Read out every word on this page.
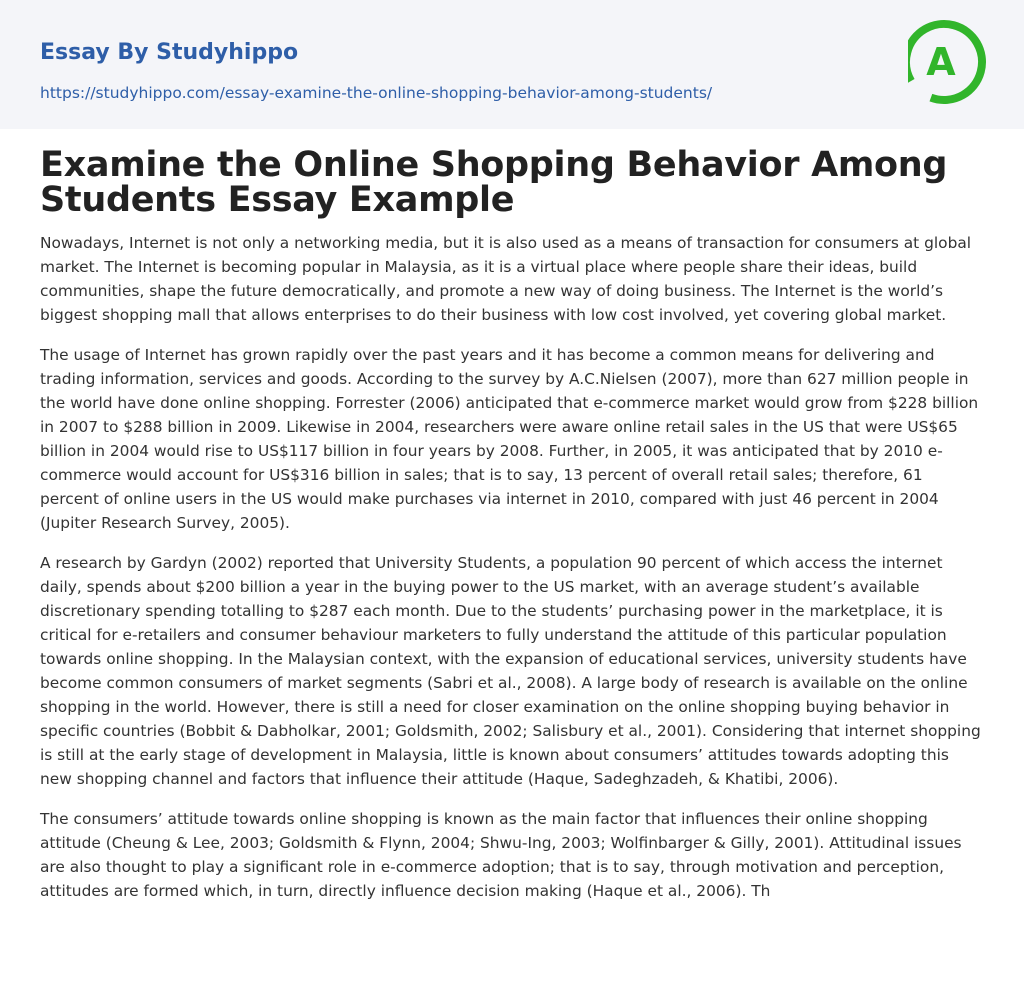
Essay By Studyhippo
https://studyhippo.com/essay-examine-the-online-shopping-behavior-among-students/
A
Examine the Online Shopping Behavior Among Students Essay Example

Nowadays, Internet is not only a networking media, but it is also used as a means of transaction for consumers at global market. The Internet is becoming popular in Malaysia, as it is a virtual place where people share their ideas, build communities, shape the future democratically, and promote a new way of doing business. The Internet is the world’s biggest shopping mall that allows enterprises to do their business with low cost involved, yet covering global market.

The usage of Internet has grown rapidly over the past years and it has become a common means for delivering and trading information, services and goods. According to the survey by A.C.Nielsen (2007), more than 627 million people in the world have done online shopping. Forrester (2006) anticipated that e-commerce market would grow from $228 billion in 2007 to $288 billion in 2009. Likewise in 2004, researchers were aware online retail sales in the US that were US$65 billion in 2004 would rise to US$117 billion in four years by 2008. Further, in 2005, it was anticipated that by 2010 e-commerce would account for US$316 billion in sales; that is to say, 13 percent of overall retail sales; therefore, 61 percent of online users in the US would make purchases via internet in 2010, compared with just 46 percent in 2004 (Jupiter Research Survey, 2005).

A research by Gardyn (2002) reported that University Students, a population 90 percent of which access the internet daily, spends about $200 billion a year in the buying power to the US market, with an average student’s available discretionary spending totalling to $287 each month. Due to the students’ purchasing power in the marketplace, it is critical for e-retailers and consumer behaviour marketers to fully understand the attitude of this particular population towards online shopping. In the Malaysian context, with the expansion of educational services, university students have become common consumers of market segments (Sabri et al., 2008). A large body of research is available on the online shopping in the world. However, there is still a need for closer examination on the online shopping buying behavior in specific countries (Bobbit & Dabholkar, 2001; Goldsmith, 2002; Salisbury et al., 2001). Considering that internet shopping is still at the early stage of development in Malaysia, little is known about consumers’ attitudes towards adopting this new shopping channel and factors that influence their attitude (Haque, Sadeghzadeh, & Khatibi, 2006).

The consumers’ attitude towards online shopping is known as the main factor that influences their online shopping attitude (Cheung & Lee, 2003; Goldsmith & Flynn, 2004; Shwu-Ing, 2003; Wolfinbarger & Gilly, 2001). Attitudinal issues are also thought to play a significant role in e-commerce adoption; that is to say, through motivation and perception, attitudes are formed which, in turn, directly influence decision making (Haque et al., 2006). Th
